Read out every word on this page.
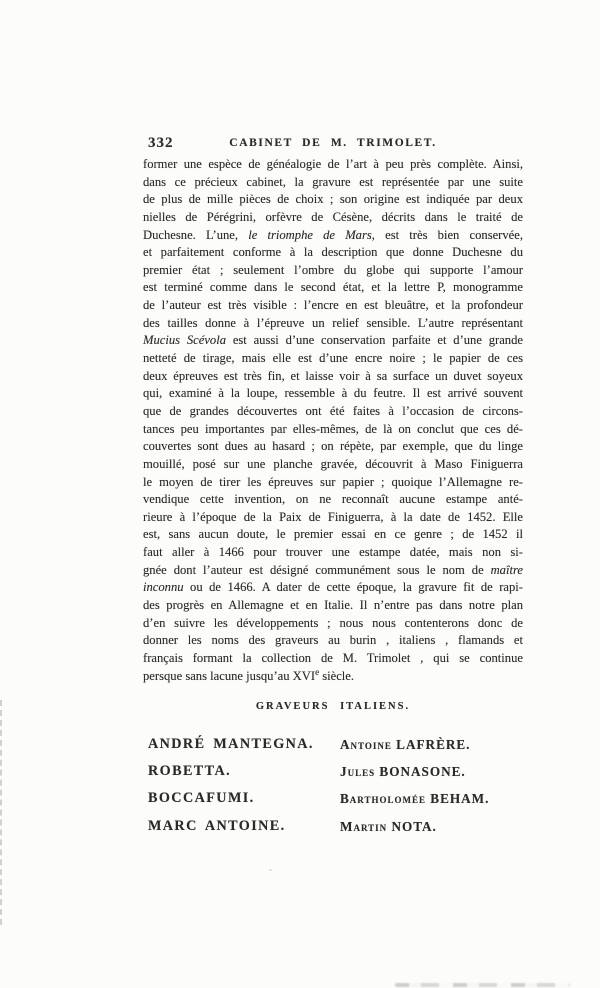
332	CABINET DE M. TRIMOLET.
former une espèce de généalogie de l’art à peu près complète. Ainsi,
dans ce précieux cabinet, la gravure est représentée par une suite
de plus de mille pièces de choix ; son origine est indiquée par deux
nielles de Pérégrini, orfèvre de Césène, décrits dans le traité de
Duchesne. L’une, le triomphe de Mars, est très bien conservée,
et parfaitement conforme à la description que donne Duchesne du
premier état ; seulement l’ombre du globe qui supporte l’amour
est terminé comme dans le second état, et la lettre P, monogramme
de l’auteur est très visible : l’encre en est bleuâtre, et la profondeur
des tailles donne à l’épreuve un relief sensible. L’autre représentant
Mucius Scévola est aussi d’une conservation parfaite et d’une grande
netteté de tirage, mais elle est d’une encre noire ; le papier de ces
deux épreuves est très fin, et laisse voir à sa surface un duvet soyeux
qui, examiné à la loupe, ressemble à du feutre. Il est arrivé souvent
que de grandes découvertes ont été faites à l’occasion de circons-
tances peu importantes par elles-mêmes, de là on conclut que ces dé-
couvertes sont dues au hasard ; on répète, par exemple, que du linge
mouillé, posé sur une planche gravée, découvrit à Maso Finiguerra
le moyen de tirer les épreuves sur papier ; quoique l’Allemagne re-
vendique cette invention, on ne reconnaît aucune estampe anté-
rieure à l’époque de la Paix de Finiguerra, à la date de 1452. Elle
est, sans aucun doute, le premier essai en ce genre ; de 1452 il
faut aller à 1466 pour trouver une estampe datée, mais non si-
gnée dont l’auteur est désigné communément sous le nom de maître
inconnu ou de 1466. A dater de cette époque, la gravure fit de rapi-
des progrès en Allemagne et en Italie. Il n’entre pas dans notre plan
d’en suivre les développements ; nous nous contenterons donc de
donner les noms des graveurs au burin , italiens , flamands et
français formant la collection de M. Trimolet , qui se continue
persque sans lacune jusqu’au XVIe siècle.
GRAVEURS ITALIENS.
ANDRÉ MANTEGNA.
ROBETTA.
BOCCAFUMI.
MARC ANTOINE.
Antoine LAFRÈRE.
Jules BONASONE.
Bartholomée BEHAM.
Martin NOTA.
